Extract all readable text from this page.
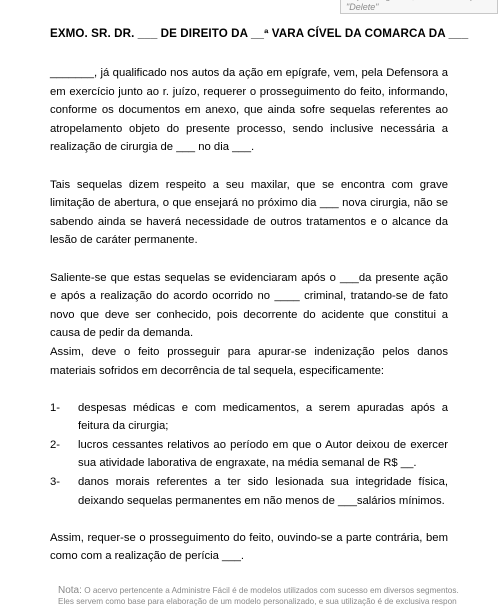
"Delete"
EXMO. SR. DR. ___ DE DIREITO DA __ª VARA CÍVEL DA COMARCA DA ___

_______, já qualificado nos autos da ação em epígrafe, vem, pela Defensora a em exercício junto ao r. juízo, requerer o prosseguimento do feito, informando, conforme os documentos em anexo, que ainda sofre sequelas referentes ao atropelamento objeto do presente processo, sendo inclusive necessária a realização de cirurgia de ___ no dia ___.

Tais sequelas dizem respeito a seu maxilar, que se encontra com grave limitação de abertura, o que ensejará no próximo dia ___ nova cirurgia, não se sabendo ainda se haverá necessidade de outros tratamentos e o alcance da lesão de caráter permanente.

Saliente-se que estas sequelas se evidenciaram após o ___da presente ação e após a realização do acordo ocorrido no ____ criminal, tratando-se de fato novo que deve ser conhecido, pois decorrente do acidente que constitui a causa de pedir da demanda.

Assim, deve o feito prosseguir para apurar-se indenização pelos danos materiais sofridos em decorrência de tal sequela, especificamente:

1- despesas médicas e com medicamentos, a serem apuradas após a feitura da cirurgia;
2- lucros cessantes relativos ao período em que o Autor deixou de exercer sua atividade laborativa de engraxate, na média semanal de R$ __.
3- danos morais referentes a ter sido lesionada sua integridade física, deixando sequelas permanentes em não menos de ___salários mínimos.

Assim, requer-se o prosseguimento do feito, ouvindo-se a parte contrária, bem como com a realização de perícia ___.

Nota: O acervo pertencente a Administre Fácil é de modelos utilizados com sucesso em diversos segmentos.
Eles servem como base para elaboração de um modelo personalizado, e sua utilização é de exclusiva respon
